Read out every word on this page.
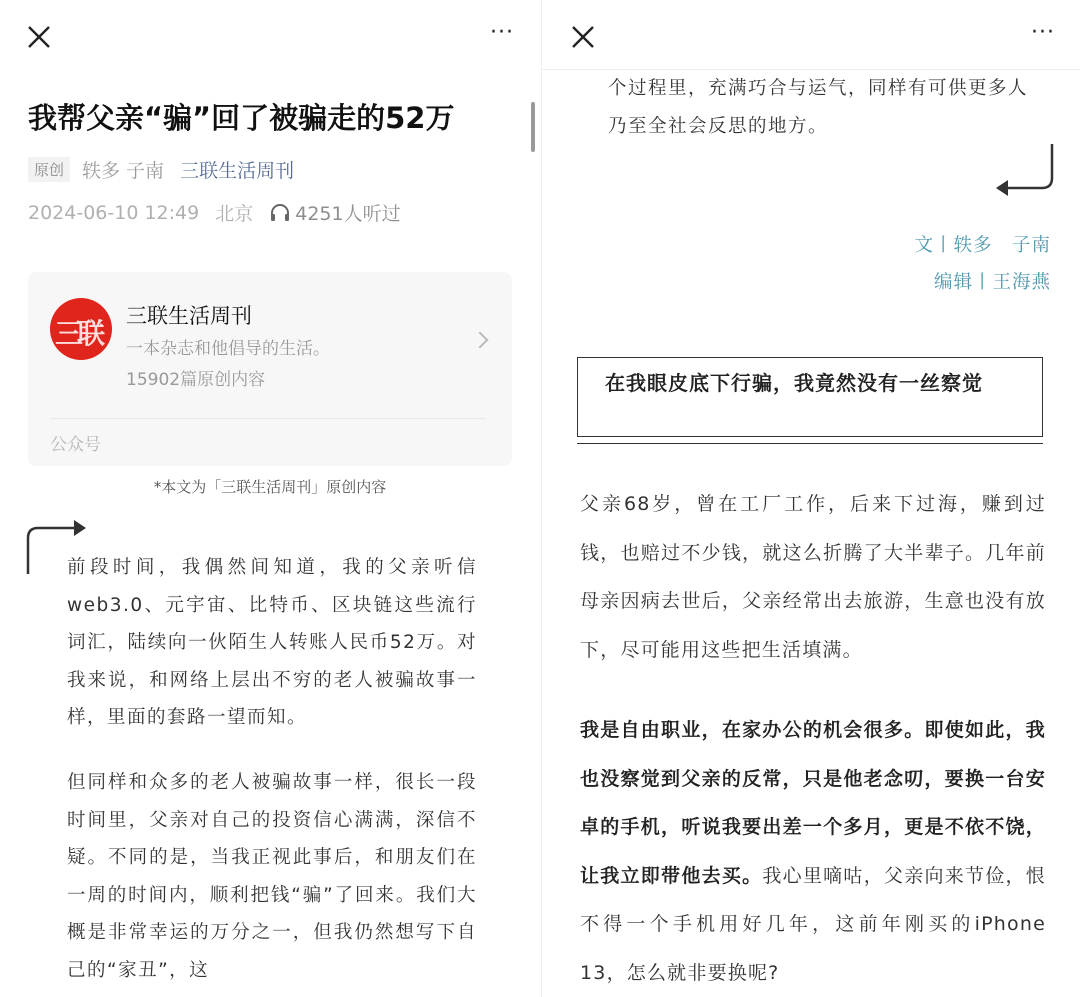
···
我帮父亲“骗”回了被骗走的52万
原创 轶多 子南 三联生活周刊
2024-06-10 12:49 北京 4251人听过
三联
三联生活周刊
一本杂志和他倡导的生活。
15902篇原创内容
公众号
*本文为「三联生活周刊」原创内容

前段时间，我偶然间知道，我的父亲听信web3.0、元宇宙、比特币、区块链这些流行词汇，陆续向一伙陌生人转账人民币52万。对我来说，和网络上层出不穷的老人被骗故事一样，里面的套路一望而知。

但同样和众多的老人被骗故事一样，很长一段时间里，父亲对自己的投资信心满满，深信不疑。不同的是，当我正视此事后，和朋友们在一周的时间内，顺利把钱“骗”了回来。我们大概是非常幸运的万分之一，但我仍然想写下自己的“家丑”，这

···
个过程里，充满巧合与运气，同样有可供更多人乃至全社会反思的地方。
文丨轶多　子南
编辑丨王海燕
在我眼皮底下行骗，我竟然没有一丝察觉

父亲68岁，曾在工厂工作，后来下过海，赚到过钱，也赔过不少钱，就这么折腾了大半辈子。几年前母亲因病去世后，父亲经常出去旅游，生意也没有放下，尽可能用这些把生活填满。

我是自由职业，在家办公的机会很多。即使如此，我也没察觉到父亲的反常，只是他老念叨，要换一台安卓的手机，听说我要出差一个多月，更是不依不饶，让我立即带他去买。我心里嘀咕，父亲向来节俭，恨不得一个手机用好几年，这前年刚买的iPhone 13，怎么就非要换呢?
